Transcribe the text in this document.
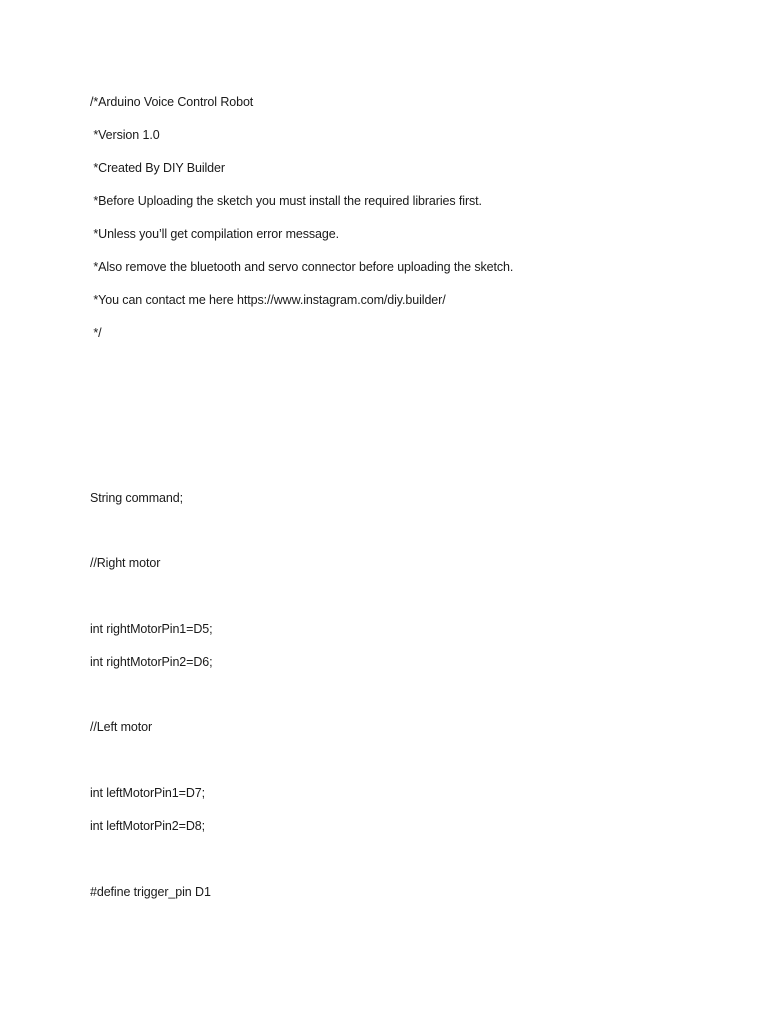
/*Arduino Voice Control Robot

*Version 1.0

*Created By DIY Builder

*Before Uploading the sketch you must install the required libraries first.

*Unless you’ll get compilation error message.

*Also remove the bluetooth and servo connector before uploading the sketch.

*You can contact me here https://www.instagram.com/diy.builder/

*/

String command;

//Right motor

int rightMotorPin1=D5;

int rightMotorPin2=D6;

//Left motor

int leftMotorPin1=D7;

int leftMotorPin2=D8;

#define trigger_pin D1
